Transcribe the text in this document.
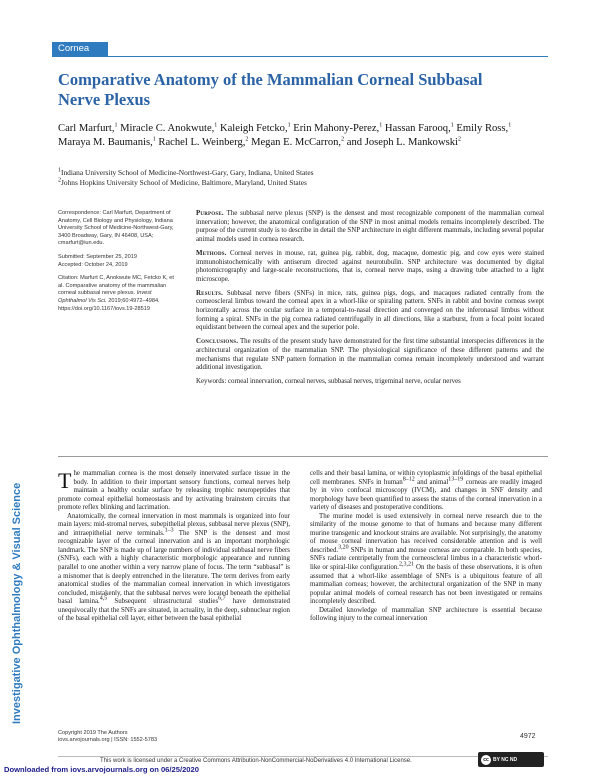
Cornea
Comparative Anatomy of the Mammalian Corneal Subbasal Nerve Plexus
Carl Marfurt,$^1$ Miracle C. Anokwute,$^1$ Kaleigh Fetcko,$^1$ Erin Mahony-Perez,$^1$ Hassan Farooq,$^1$ Emily Ross,$^1$ Maraya M. Baumanis,$^1$ Rachel L. Weinberg,$^2$ Megan E. McCarron,$^2$ and Joseph L. Mankowski$^2$
$^1$Indiana University School of Medicine-Northwest-Gary, Gary, Indiana, United States
$^2$Johns Hopkins University School of Medicine, Baltimore, Maryland, United States
Correspondence: Carl Marfurt, Department of Anatomy, Cell Biology and Physiology, Indiana University School of Medicine-Northwest-Gary, 3400 Broadway, Gary, IN 46408, USA;
cmarfurt@iun.edu.
Submitted: September 25, 2019
Accepted: October 24, 2019
Citation: Marfurt C, Anokwute MC, Fetcko K, et al. Comparative anatomy of the mammalian corneal subbasal nerve plexus. Invest Ophthalmol Vis Sci. 2019;60:4972–4984. https://doi.org/10.1167/iovs.19-28519

Purpose. The subbasal nerve plexus (SNP) is the densest and most recognizable component of the mammalian corneal innervation; however, the anatomical configuration of the SNP in most animal models remains incompletely described. The purpose of the current study is to describe in detail the SNP architecture in eight different mammals, including several popular animal models used in cornea research.

Methods. Corneal nerves in mouse, rat, guinea pig, rabbit, dog, macaque, domestic pig, and cow eyes were stained immunohistochemically with antiserum directed against neurotubulin. SNP architecture was documented by digital photomicrography and large-scale reconstructions, that is, corneal nerve maps, using a drawing tube attached to a light microscope.

Results. Subbasal nerve fibers (SNFs) in mice, rats, guinea pigs, dogs, and macaques radiated centrally from the corneoscleral limbus toward the corneal apex in a whorl-like or spiraling pattern. SNFs in rabbit and bovine corneas swept horizontally across the ocular surface in a temporal-to-nasal direction and converged on the inferonasal limbus without forming a spiral. SNFs in the pig cornea radiated centrifugally in all directions, like a starburst, from a focal point located equidistant between the corneal apex and the superior pole.

Conclusions. The results of the present study have demonstrated for the first time substantial interspecies differences in the architectural organization of the mammalian SNP. The physiological significance of these different patterns and the mechanisms that regulate SNP pattern formation in the mammalian cornea remain incompletely understood and warrant additional investigation.

Keywords: corneal innervation, corneal nerves, subbasal nerves, trigeminal nerve, ocular nerves

Investigative Ophthalmology & Visual Science

The mammalian cornea is the most densely innervated surface tissue in the body. In addition to their important sensory functions, corneal nerves help maintain a healthy ocular surface by releasing trophic neuropeptides that promote corneal epithelial homeostasis and by activating brainstem circuits that promote reflex blinking and lacrimation.

Anatomically, the corneal innervation in most mammals is organized into four main layers: mid-stromal nerves, subepithelial plexus, subbasal nerve plexus (SNP), and intraepithelial nerve terminals.$^{1-3}$ The SNP is the densest and most recognizable layer of the corneal innervation and is an important morphologic landmark. The SNP is made up of large numbers of individual subbasal nerve fibers (SNFs), each with a highly characteristic morphologic appearance and running parallel to one another within a very narrow plane of focus. The term “subbasal” is a misnomer that is deeply entrenched in the literature. The term derives from early anatomical studies of the mammalian corneal innervation in which investigators concluded, mistakenly, that the subbasal nerves were located beneath the epithelial basal lamina.$^{4,5}$ Subsequent ultrastructural studies$^{6,7}$ have demonstrated unequivocally that the SNFs are situated, in actuality, in the deep, subnuclear region of the basal epithelial cell layer, either between the basal epithelial

cells and their basal lamina, or within cytoplasmic infoldings of the basal epithelial cell membranes. SNFs in human$^{8-12}$ and animal$^{13-19}$ corneas are readily imaged by in vivo confocal microscopy (IVCM), and changes in SNF density and morphology have been quantified to assess the status of the corneal innervation in a variety of diseases and postoperative conditions.

The murine model is used extensively in corneal nerve research due to the similarity of the mouse genome to that of humans and because many different murine transgenic and knockout strains are available. Not surprisingly, the anatomy of mouse corneal innervation has received considerable attention and is well described.$^{3,20}$ SNPs in human and mouse corneas are comparable. In both species, SNFs radiate centripetally from the corneoscleral limbus in a characteristic whorl-like or spiral-like configuration.$^{2,3,21}$ On the basis of these observations, it is often assumed that a whorl-like assemblage of SNFs is a ubiquitous feature of all mammalian corneas; however, the architectural organization of the SNP in many popular animal models of corneal research has not been investigated or remains incompletely described.

Detailed knowledge of mammalian SNP architecture is essential because following injury to the corneal innervation

Copyright 2019 The Authors
iovs.arvojournals.org | ISSN: 1552-5783
4972
This work is licensed under a Creative Commons Attribution-NonCommercial-NoDerivatives 4.0 International License.	cc BY NC ND
Downloaded from iovs.arvojournals.org on 06/25/2020
